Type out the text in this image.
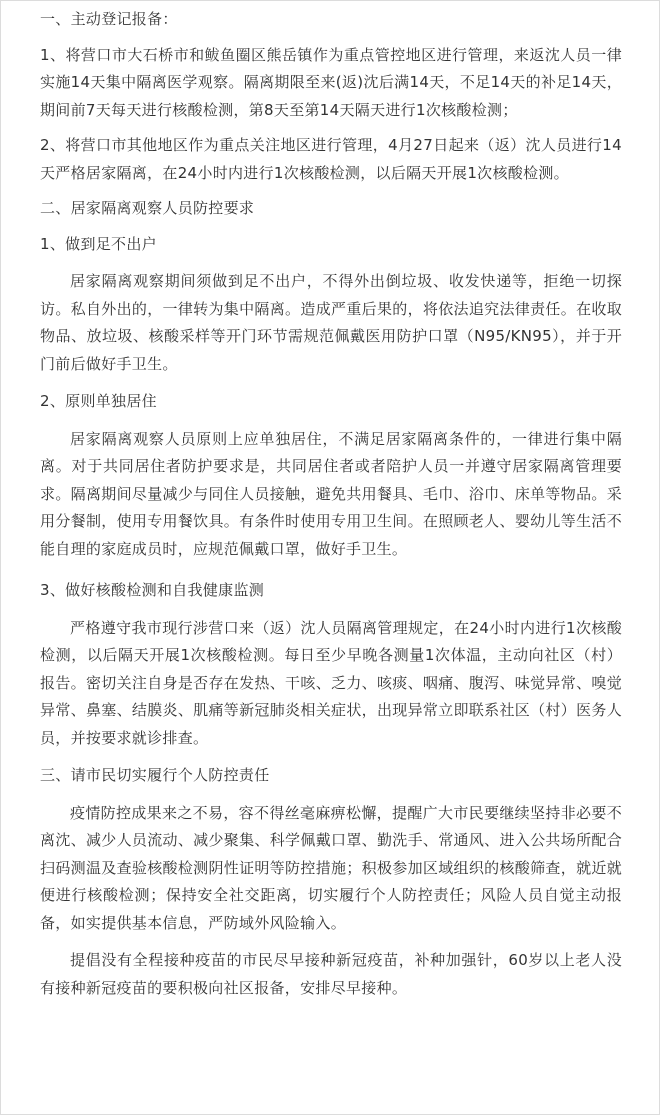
一、主动登记报备：

1、将营口市大石桥市和鲅鱼圈区熊岳镇作为重点管控地区进行管理，来返沈人员一律实施14天集中隔离医学观察。隔离期限至来(返)沈后满14天，不足14天的补足14天，期间前7天每天进行核酸检测，第8天至第14天隔天进行1次核酸检测；

2、将营口市其他地区作为重点关注地区进行管理，4月27日起来（返）沈人员进行14天严格居家隔离，在24小时内进行1次核酸检测，以后隔天开展1次核酸检测。

二、居家隔离观察人员防控要求

1、做到足不出户

居家隔离观察期间须做到足不出户，不得外出倒垃圾、收发快递等，拒绝一切探访。私自外出的，一律转为集中隔离。造成严重后果的，将依法追究法律责任。在收取物品、放垃圾、核酸采样等开门环节需规范佩戴医用防护口罩（N95/KN95），并于开门前后做好手卫生。

2、原则单独居住

居家隔离观察人员原则上应单独居住，不满足居家隔离条件的，一律进行集中隔离。对于共同居住者防护要求是，共同居住者或者陪护人员一并遵守居家隔离管理要求。隔离期间尽量减少与同住人员接触，避免共用餐具、毛巾、浴巾、床单等物品。采用分餐制，使用专用餐饮具。有条件时使用专用卫生间。在照顾老人、婴幼儿等生活不能自理的家庭成员时，应规范佩戴口罩，做好手卫生。

3、做好核酸检测和自我健康监测

严格遵守我市现行涉营口来（返）沈人员隔离管理规定，在24小时内进行1次核酸检测，以后隔天开展1次核酸检测。每日至少早晚各测量1次体温，主动向社区（村）报告。密切关注自身是否存在发热、干咳、乏力、咳痰、咽痛、腹泻、味觉异常、嗅觉异常、鼻塞、结膜炎、肌痛等新冠肺炎相关症状，出现异常立即联系社区（村）医务人员，并按要求就诊排查。

三、请市民切实履行个人防控责任

疫情防控成果来之不易，容不得丝毫麻痹松懈，提醒广大市民要继续坚持非必要不离沈、减少人员流动、减少聚集、科学佩戴口罩、勤洗手、常通风、进入公共场所配合扫码测温及查验核酸检测阴性证明等防控措施；积极参加区域组织的核酸筛查，就近就便进行核酸检测；保持安全社交距离，切实履行个人防控责任；风险人员自觉主动报备，如实提供基本信息，严防域外风险输入。

提倡没有全程接种疫苗的市民尽早接种新冠疫苗，补种加强针，60岁以上老人没有接种新冠疫苗的要积极向社区报备，安排尽早接种。
